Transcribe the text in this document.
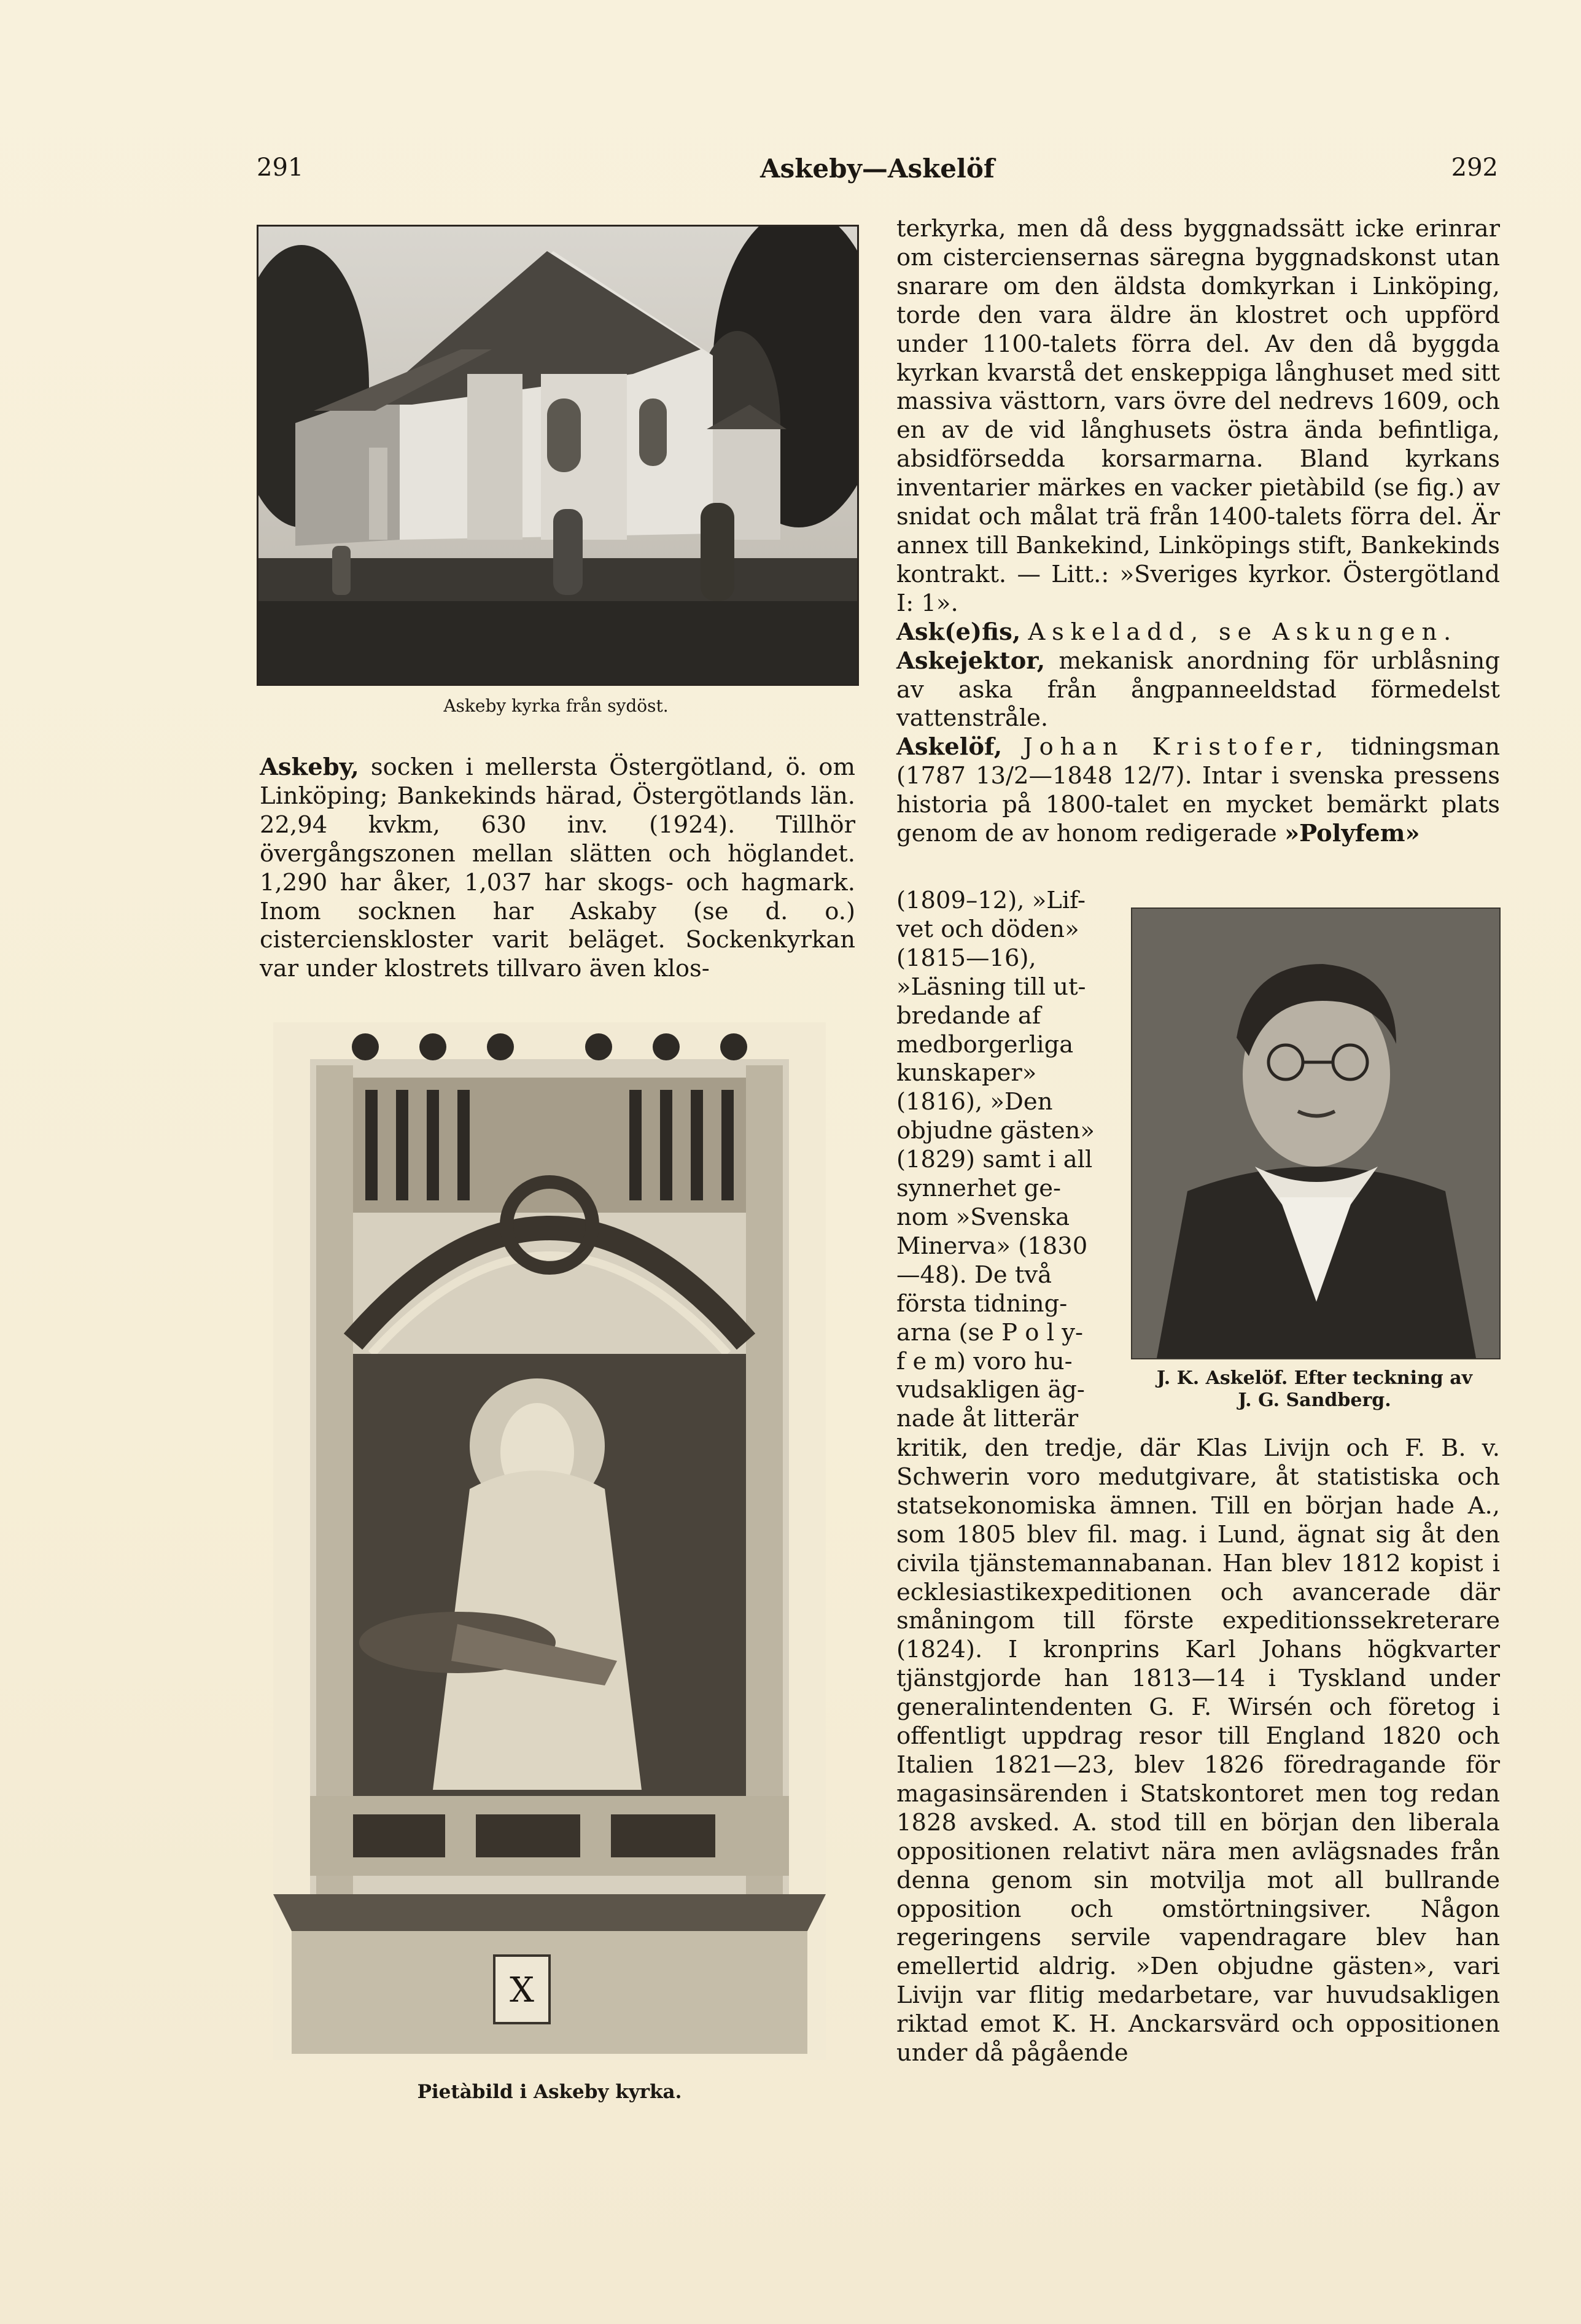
291	Askeby—Askelöf	292
Askeby kyrka från sydöst.

Askeby, socken i mellersta Östergötland, ö. om Linköping; Bankekinds härad, Östergötlands län. 22,94 kvkm, 630 inv. (1924). Tillhör övergångszonen mellan slätten och höglandet. 1,290 har åker, 1,037 har skogs- och hagmark. Inom socknen har Askaby (se d. o.) cistercienskloster varit beläget. Sockenkyrkan var under klostrets tillvaro även klos-

X
Pietàbild i Askeby kyrka.

terkyrka, men då dess byggnadssätt icke erinrar om cisterciensernas säregna byggnadskonst utan snarare om den äldsta domkyrkan i Linköping, torde den vara äldre än klostret och uppförd under 1100-talets förra del. Av den då byggda kyrkan kvarstå det enskeppiga långhuset med sitt massiva västtorn, vars övre del nedrevs 1609, och en av de vid långhusets östra ända befintliga, absidförsedda korsarmarna. Bland kyrkans inventarier märkes en vacker pietàbild (se fig.) av snidat och målat trä från 1400-talets förra del. Är annex till Bankekind, Linköpings stift, Bankekinds kontrakt. — Litt.: »Sveriges kyrkor. Östergötland I: 1».

Ask(e)fis, Askeladd, se Askungen.

Askejektor, mekanisk anordning för urblåsning av aska från ångpanneeldstad förmedelst vattenstråle.

Askelöf, Johan Kristofer, tidningsman (1787 13/2—1848 12/7). Intar i svenska pressens historia på 1800-talet en mycket bemärkt plats genom de av honom redigerade »Polyfem»

(1809–12), »Lif-

vet och döden»

(1815—16),

»Läsning till ut-

bredande af

medborgerliga

kunskaper»

(1816), »Den

objudne gästen»

(1829) samt i all

synnerhet ge-

nom »Svenska

Minerva» (1830

—48). De två

första tidning-

arna (se P o l y-

f e m) voro hu-

vudsakligen äg-

nade åt litterär

J. K. Askelöf. Efter teckning av
J. G. Sandberg.

kritik, den tredje, där Klas Livijn och F. B. v. Schwerin voro medutgivare, åt statistiska och statsekonomiska ämnen. Till en början hade A., som 1805 blev fil. mag. i Lund, ägnat sig åt den civila tjänstemannabanan. Han blev 1812 kopist i ecklesiastikexpeditionen och avancerade där småningom till förste expeditionssekreterare (1824). I kronprins Karl Johans högkvarter tjänstgjorde han 1813—14 i Tyskland under generalintendenten G. F. Wirsén och företog i offentligt uppdrag resor till England 1820 och Italien 1821—23, blev 1826 föredragande för magasinsärenden i Statskontoret men tog redan 1828 avsked. A. stod till en början den liberala oppositionen relativt nära men avlägsnades från denna genom sin motvilja mot all bullrande opposition och omstörtningsiver. Någon regeringens servile vapendragare blev han emellertid aldrig. »Den objudne gästen», vari Livijn var flitig medarbetare, var huvudsakligen riktad emot K. H. Anckarsvärd och oppositionen under då pågående
